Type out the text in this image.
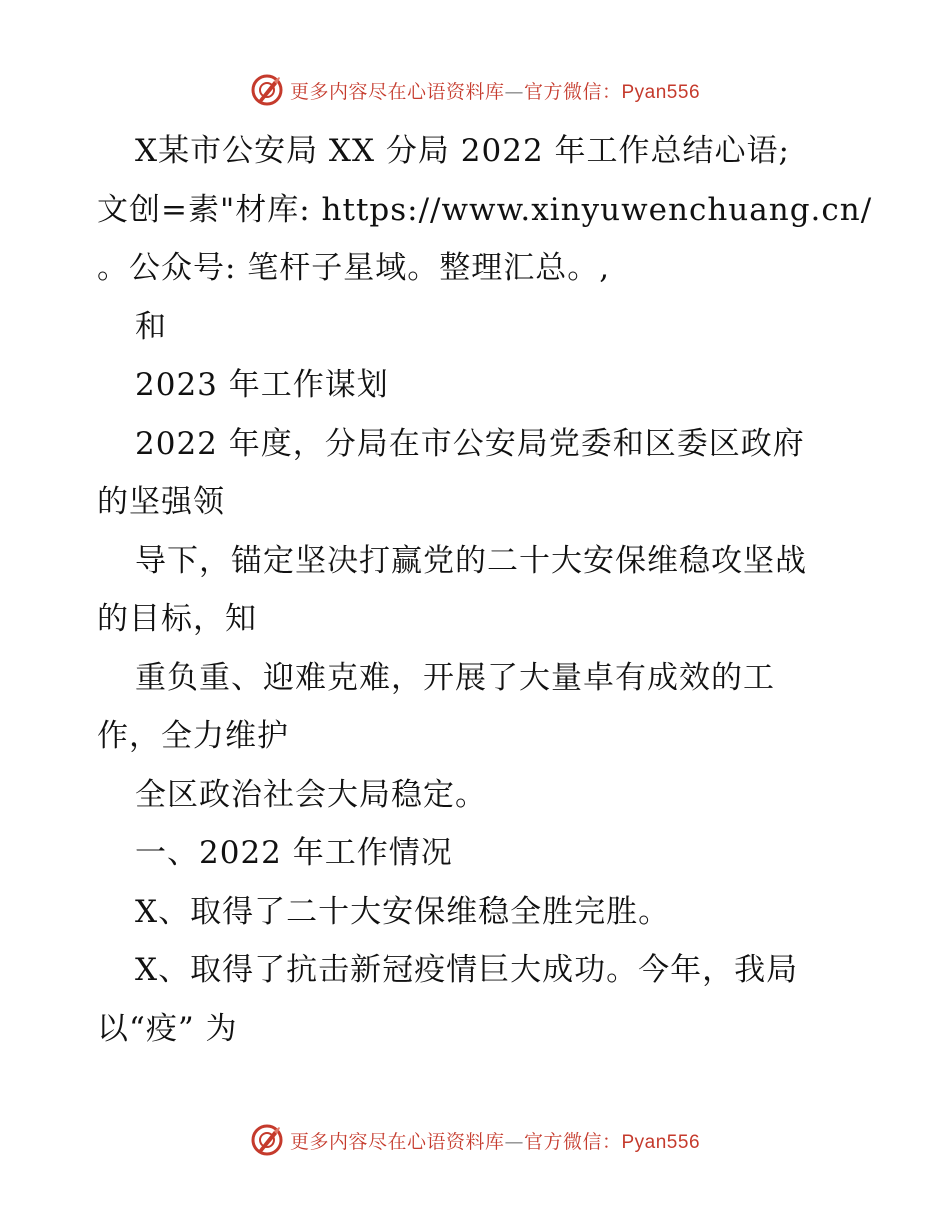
更多内容尽在心语资料库—官方微信：Pyan556
X某市公安局 XX 分局 2022 年工作总结心语;
文创=素"材库: https://www.xinyuwenchuang.cn/
。公众号: 笔杆子星域。整理汇总。,
和
2023 年工作谋划
2022 年度，分局在市公安局党委和区委区政府
的坚强领
导下，锚定坚决打赢党的二十大安保维稳攻坚战
的目标，知
重负重、迎难克难，开展了大量卓有成效的工
作，全力维护
全区政治社会大局稳定。
一、2022 年工作情况
X、取得了二十大安保维稳全胜完胜。
X、取得了抗击新冠疫情巨大成功。今年，我局
以“疫” 为
更多内容尽在心语资料库—官方微信：Pyan556
